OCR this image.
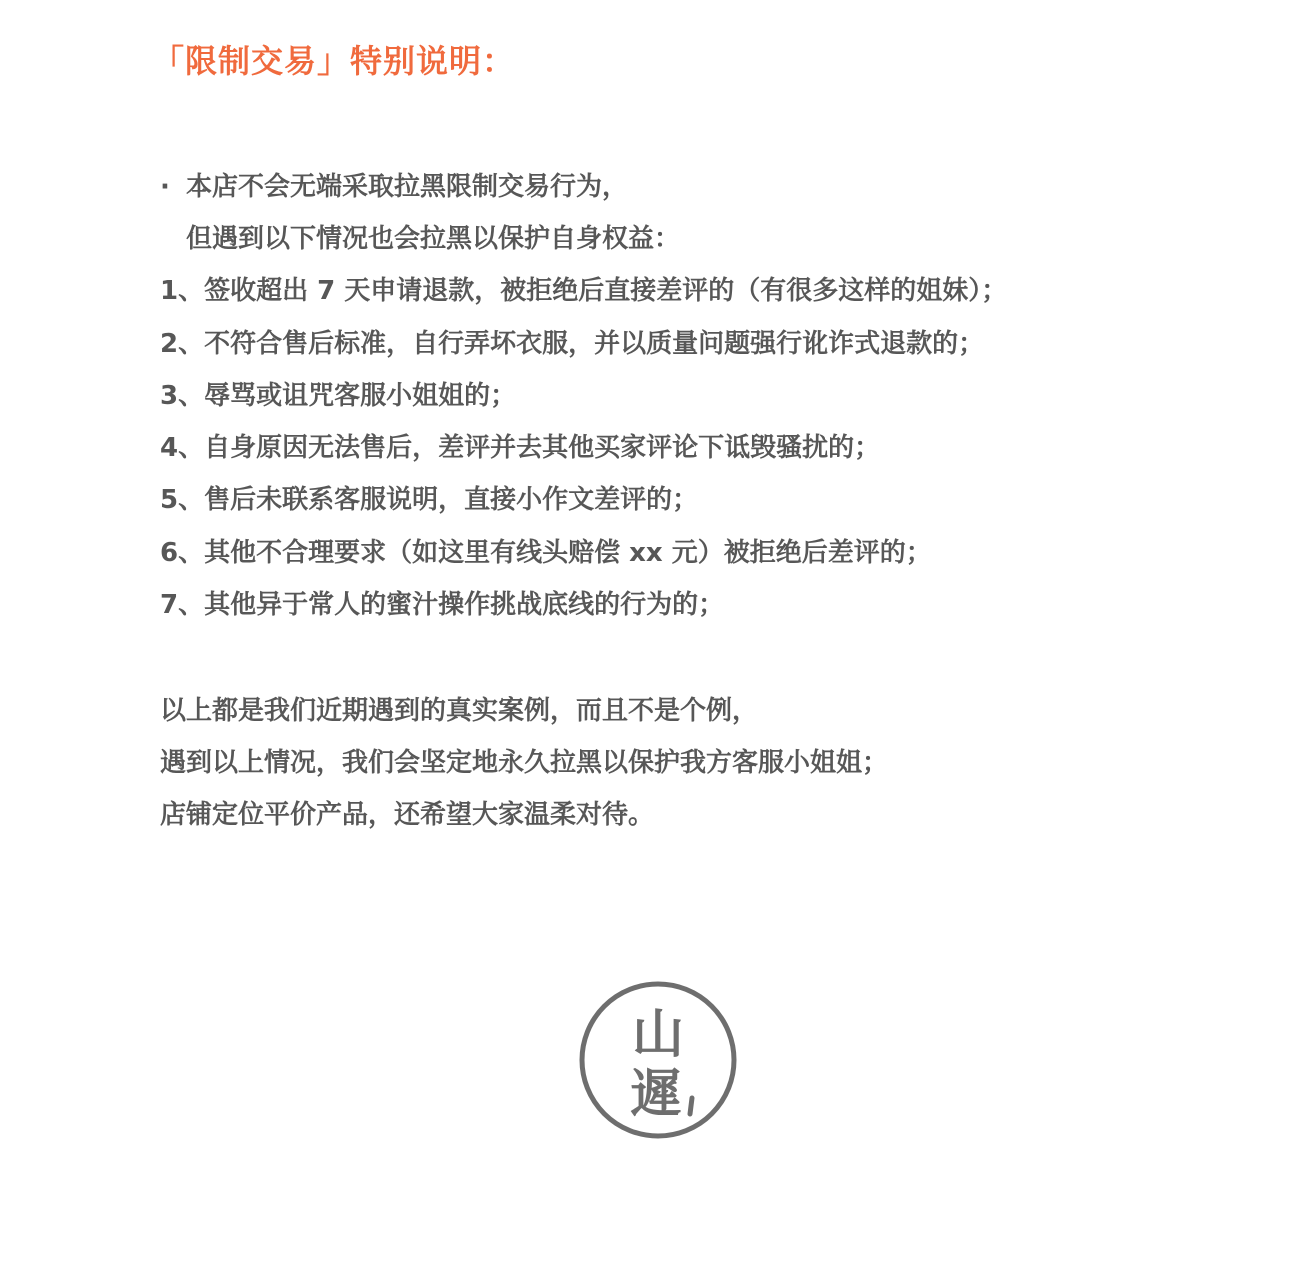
「限制交易」特别说明：
· 本店不会无端采取拉黑限制交易行为，
但遇到以下情况也会拉黑以保护自身权益：
1、签收超出 7 天申请退款，被拒绝后直接差评的（有很多这样的姐妹）；
2、不符合售后标准，自行弄坏衣服，并以质量问题强行讹诈式退款的；
3、辱骂或诅咒客服小姐姐的；
4、自身原因无法售后，差评并去其他买家评论下诋毁骚扰的；
5、售后未联系客服说明，直接小作文差评的；
6、其他不合理要求（如这里有线头赔偿 xx 元）被拒绝后差评的；
7、其他异于常人的蜜汁操作挑战底线的行为的；
以上都是我们近期遇到的真实案例，而且不是个例，
遇到以上情况，我们会坚定地永久拉黑以保护我方客服小姐姐；
店铺定位平价产品，还希望大家温柔对待。
山
遲
